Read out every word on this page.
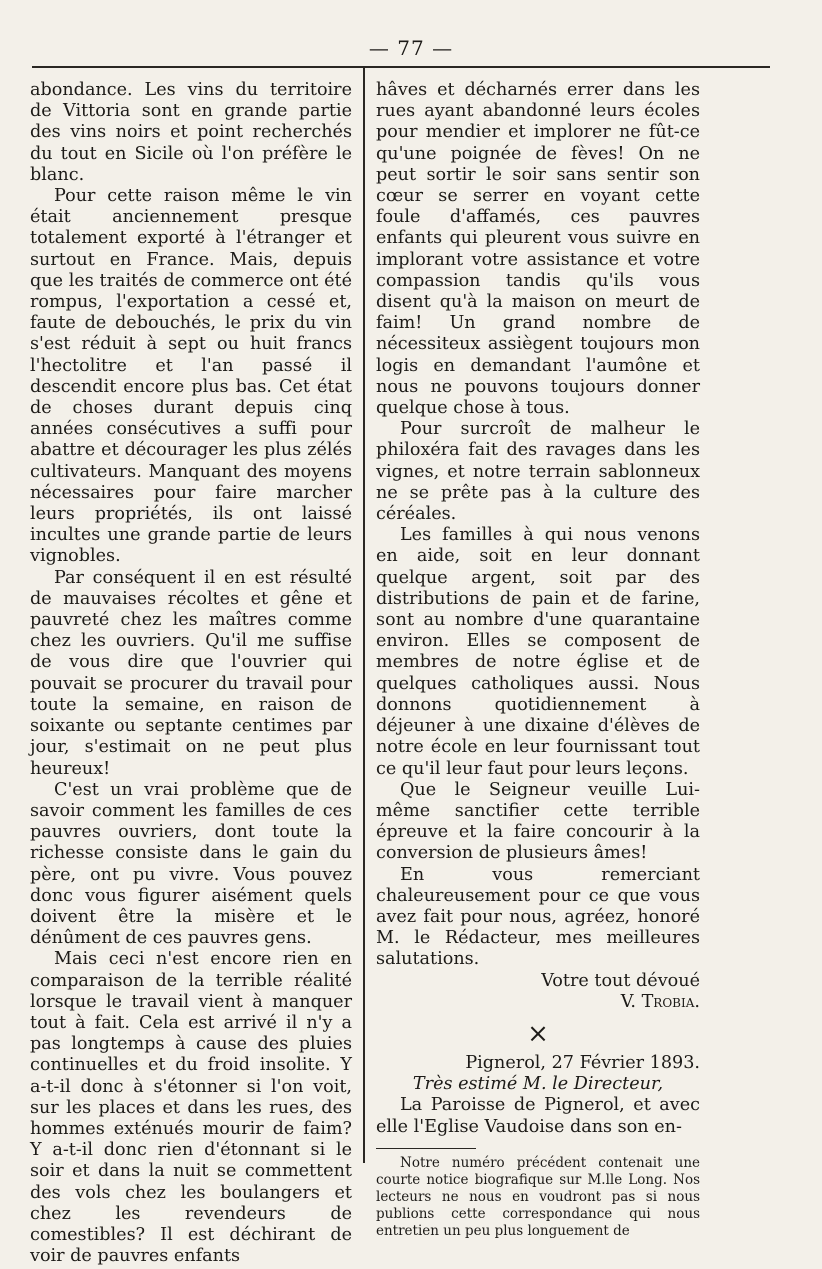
— 77 —

abondance. Les vins du territoire de Vittoria sont en grande partie des vins noirs et point recherchés du tout en Sicile où l'on préfère le blanc.

Pour cette raison même le vin était anciennement presque totalement exporté à l'étranger et surtout en France. Mais, depuis que les traités de commerce ont été rompus, l'exportation a cessé et, faute de debouchés, le prix du vin s'est réduit à sept ou huit francs l'hectolitre et l'an passé il descendit encore plus bas. Cet état de choses durant depuis cinq années consécutives a suffi pour abattre et décourager les plus zélés cultivateurs. Manquant des moyens nécessaires pour faire marcher leurs propriétés, ils ont laissé incultes une grande partie de leurs vignobles.

Par conséquent il en est résulté de mauvaises récoltes et gêne et pauvreté chez les maîtres comme chez les ouvriers. Qu'il me suffise de vous dire que l'ouvrier qui pouvait se procurer du travail pour toute la semaine, en raison de soixante ou septante centimes par jour, s'estimait on ne peut plus heureux!

C'est un vrai problème que de savoir comment les familles de ces pauvres ouvriers, dont toute la richesse consiste dans le gain du père, ont pu vivre. Vous pouvez donc vous figurer aisément quels doivent être la misère et le dénûment de ces pauvres gens.

Mais ceci n'est encore rien en comparaison de la terrible réalité lorsque le travail vient à manquer tout à fait. Cela est arrivé il n'y a pas longtemps à cause des pluies continuelles et du froid insolite. Y a-t-il donc à s'étonner si l'on voit, sur les places et dans les rues, des hommes exténués mourir de faim? Y a-t-il donc rien d'étonnant si le soir et dans la nuit se commettent des vols chez les boulangers et chez les revendeurs de comestibles? Il est déchirant de voir de pauvres enfants

hâves et décharnés errer dans les rues ayant abandonné leurs écoles pour mendier et implorer ne fût-ce qu'une poignée de fèves! On ne peut sortir le soir sans sentir son cœur se serrer en voyant cette foule d'affamés, ces pauvres enfants qui pleurent vous suivre en implorant votre assistance et votre compassion tandis qu'ils vous disent qu'à la maison on meurt de faim! Un grand nombre de nécessiteux assiègent toujours mon logis en demandant l'aumône et nous ne pouvons toujours donner quelque chose à tous.

Pour surcroît de malheur le philoxéra fait des ravages dans les vignes, et notre terrain sablonneux ne se prête pas à la culture des céréales.

Les familles à qui nous venons en aide, soit en leur donnant quelque argent, soit par des distributions de pain et de farine, sont au nombre d'une quarantaine environ. Elles se composent de membres de notre église et de quelques catholiques aussi. Nous donnons quotidiennement à déjeuner à une dixaine d'élèves de notre école en leur fournissant tout ce qu'il leur faut pour leurs leçons.

Que le Seigneur veuille Lui-même sanctifier cette terrible épreuve et la faire concourir à la conversion de plusieurs âmes!

En vous remerciant chaleureusement pour ce que vous avez fait pour nous, agréez, honoré M. le Rédacteur, mes meilleures salutations.

Votre tout dévoué

V. Trobia.

×

Pignerol, 27 Février 1893.

Très estimé M. le Directeur,

La Paroisse de Pignerol, et avec elle l'Eglise Vaudoise dans son en-

Notre numéro précédent contenait une courte notice biografique sur M.lle Long. Nos lecteurs ne nous en voudront pas si nous publions cette correspondance qui nous entretien un peu plus longuement de
